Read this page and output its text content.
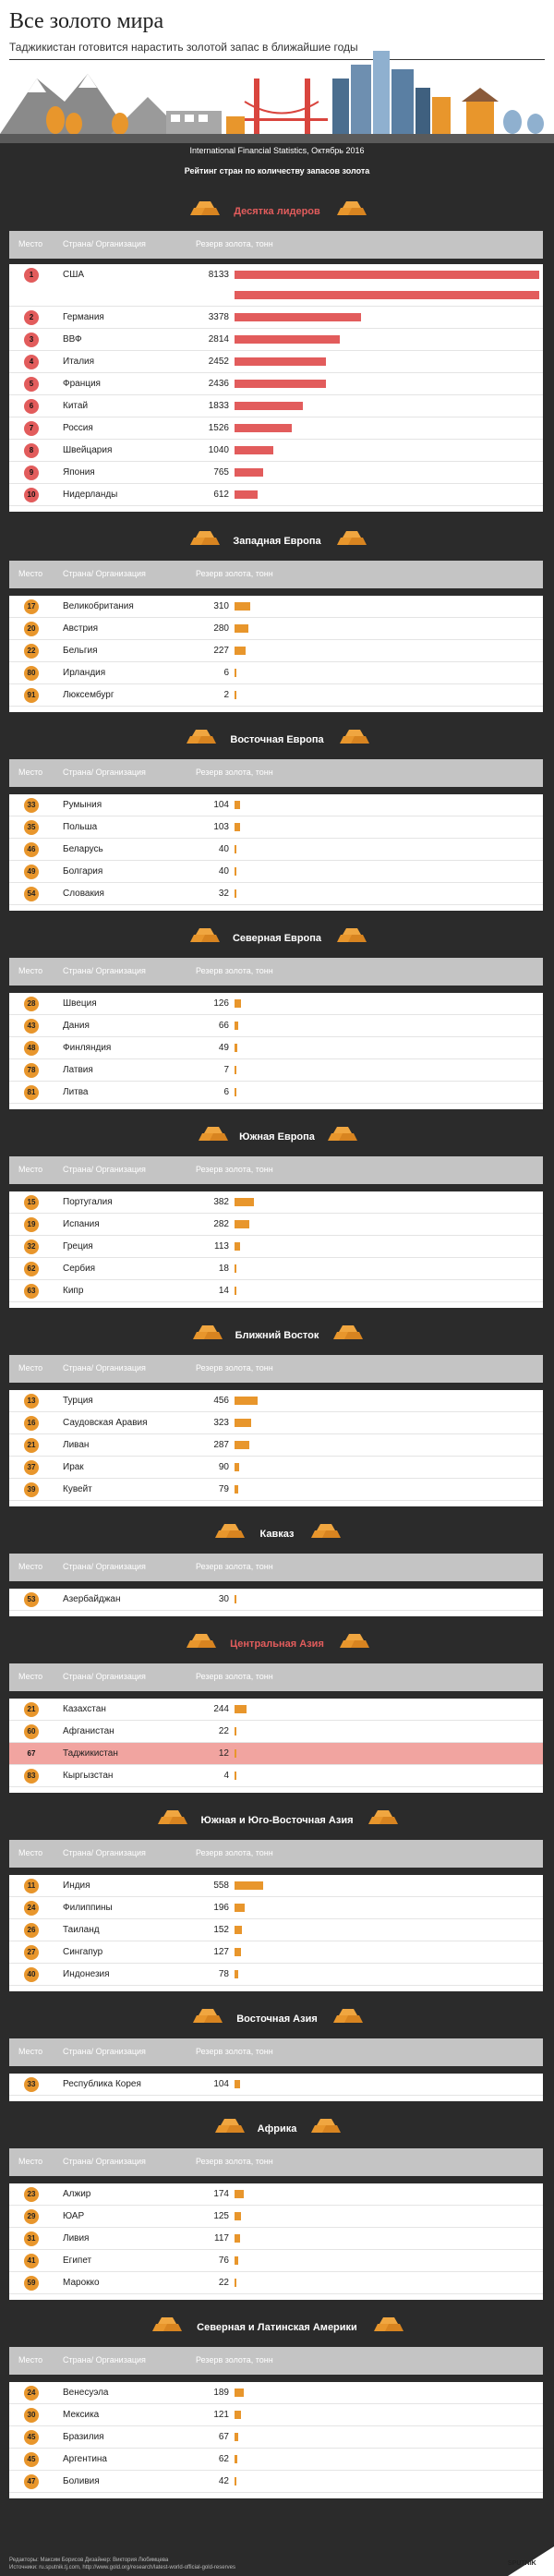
Все золото мира
Таджикистан готовится нарастить золотой запас в ближайшие годы
International Financial Statistics, Октябрь 2016
Рейтинг стран по количеству запасов золота
Десятка лидеров
Место Страна/ Организация	Резерв золота, тонн
1	США	8133
2	Германия	3378
3	ВВФ	2814
4	Италия	2452
5	Франция	2436
6	Китай	1833
7	Россия	1526
8	Швейцария	1040
9	Япония	765
10	Нидерланды	612
Западная Европа
Место Страна/ Организация	Резерв золота, тонн
17	Великобритания	310
20	Австрия	280
22	Бельгия	227
80	Ирландия	6
91	Люксембург	2
Восточная Европа
Место Страна/ Организация	Резерв золота, тонн
33	Румыния	104
35	Польша	103
46	Беларусь	40
49	Болгария	40
54	Словакия	32
Северная Европа
Место Страна/ Организация	Резерв золота, тонн
28	Швеция	126
43	Дания	66
48	Финляндия	49
78	Латвия	7
81	Литва	6
Южная Европа
Место Страна/ Организация	Резерв золота, тонн
15	Португалия	382
19	Испания	282
32	Греция	113
62	Сербия	18
63	Кипр	14
Ближний Восток
Место Страна/ Организация	Резерв золота, тонн
13	Турция	456
16	Саудовская Аравия	323
21	Ливан	287
37	Ирак	90
39	Кувейт	79
Кавказ
Место Страна/ Организация	Резерв золота, тонн
53	Азербайджан	30
Центральная Азия
Место Страна/ Организация	Резерв золота, тонн
21	Казахстан	244
60	Афганистан	22
67	Таджикистан	12
83	Кыргызстан	4
Южная и Юго-Восточная Азия
Место Страна/ Организация	Резерв золота, тонн
11	Индия	558
24	Филиппины	196
26	Таиланд	152
27	Сингапур	127
40	Индонезия	78
Восточная Азия
Место Страна/ Организация	Резерв золота, тонн
33	Республика Корея	104
Африка
Место Страна/ Организация	Резерв золота, тонн
23	Алжир	174
29	ЮАР	125
31	Ливия	117
41	Египет	76
59	Марокко	22
Северная и Латинская Америки
Место Страна/ Организация	Резерв золота, тонн
24	Венесуэла	189
30	Мексика	121
45	Бразилия	67
45	Аргентина	62
47	Боливия	42
Редакторы: Максим Борисов Дизайнер: Виктория Любимцева
Источники: ru.sputnik.tj.com, http://www.gold.org/research/latest-world-official-gold-reserves
SPUTNIK
